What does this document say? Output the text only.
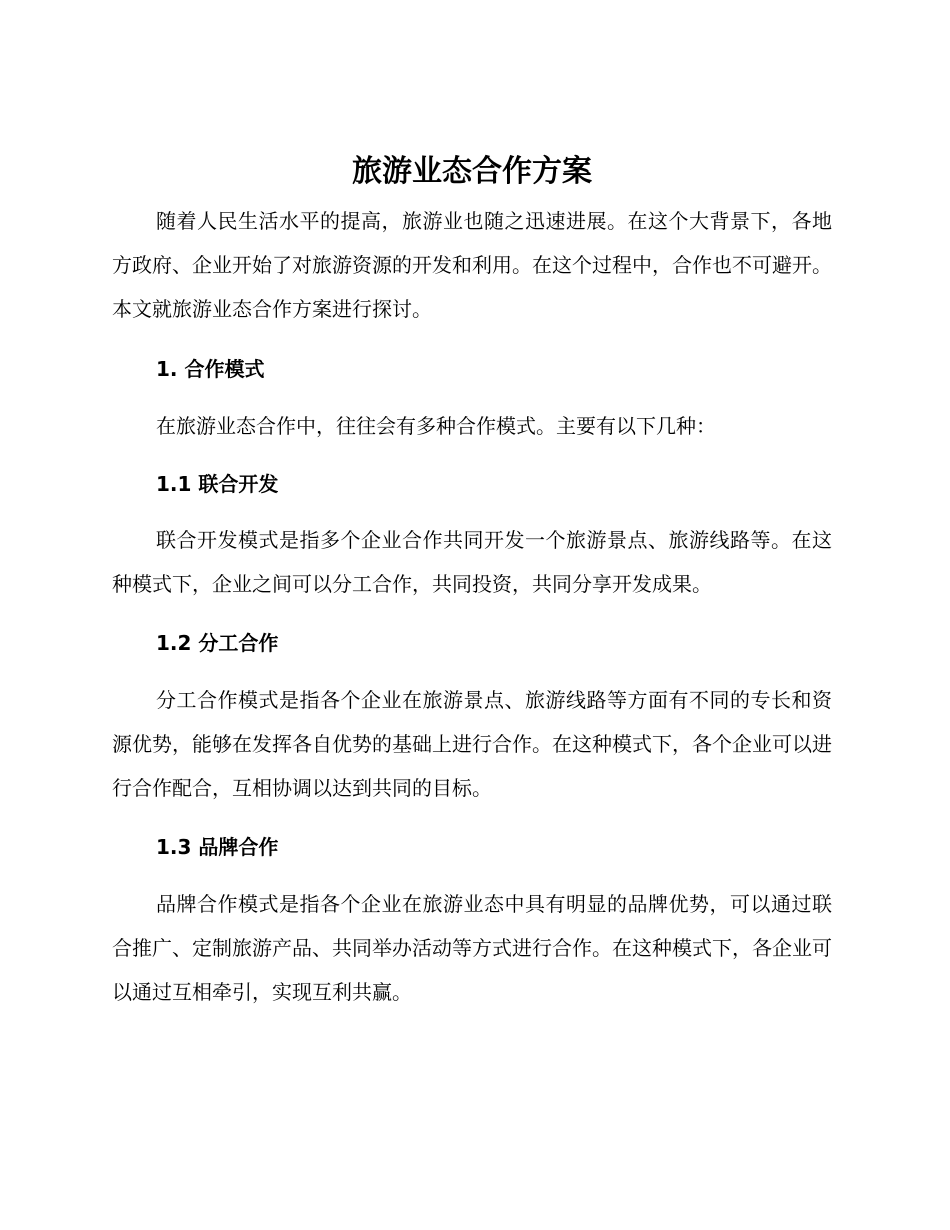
旅游业态合作方案

随着人民生活水平的提高，旅游业也随之迅速进展。在这个大背景下，各地方政府、企业开始了对旅游资源的开发和利用。在这个过程中，合作也不可避开。本文就旅游业态合作方案进行探讨。

1. 合作模式

在旅游业态合作中，往往会有多种合作模式。主要有以下几种：

1.1 联合开发

联合开发模式是指多个企业合作共同开发一个旅游景点、旅游线路等。在这种模式下，企业之间可以分工合作，共同投资，共同分享开发成果。

1.2 分工合作

分工合作模式是指各个企业在旅游景点、旅游线路等方面有不同的专长和资源优势，能够在发挥各自优势的基础上进行合作。在这种模式下，各个企业可以进行合作配合，互相协调以达到共同的目标。

1.3 品牌合作

品牌合作模式是指各个企业在旅游业态中具有明显的品牌优势，可以通过联合推广、定制旅游产品、共同举办活动等方式进行合作。在这种模式下，各企业可以通过互相牵引，实现互利共赢。
